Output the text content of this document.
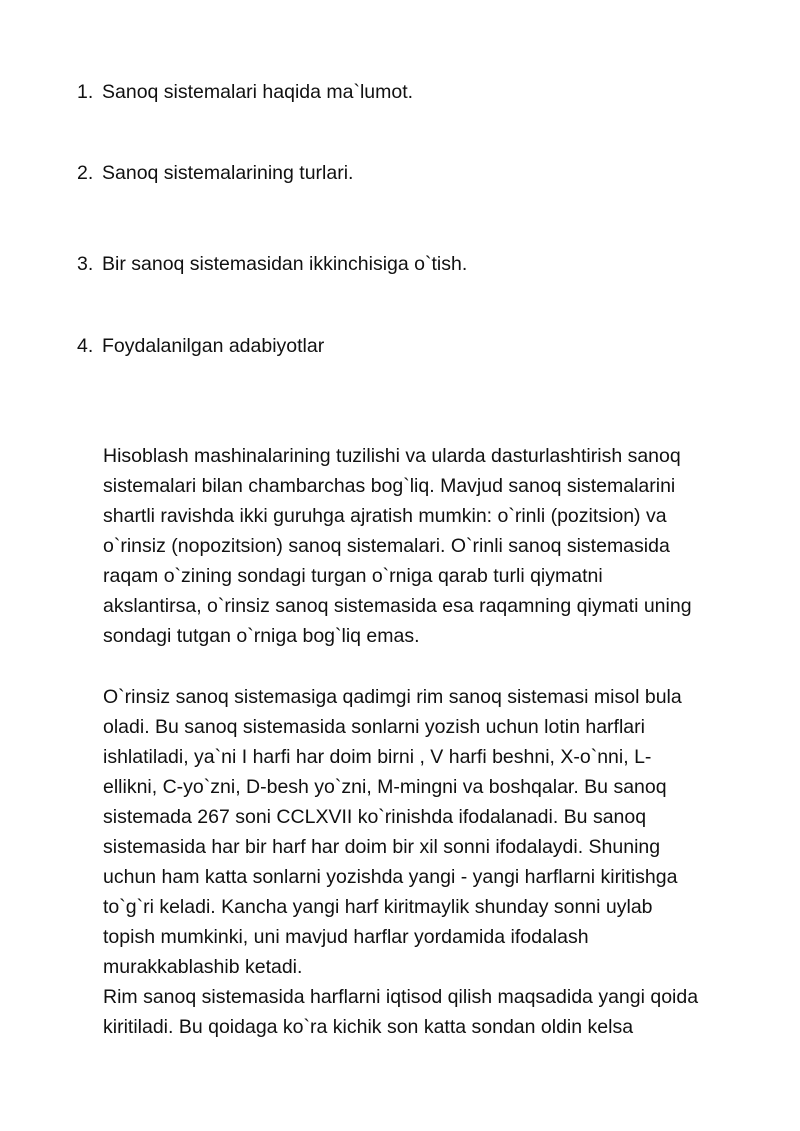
1. Sanoq sistemalari haqida ma`lumot.
2. Sanoq sistemalarining turlari.
3. Bir sanoq sistemasidan ikkinchisiga o`tish.
4. Foydalanilgan adabiyotlar
Hisoblash mashinalarining tuzilishi va ularda dasturlashtirish sanoq
sistemalari bilan chambarchas bog`liq. Mavjud sanoq sistemalarini
shartli ravishda ikki guruhga ajratish mumkin: o`rinli (pozitsion) va
o`rinsiz (nopozitsion) sanoq sistemalari. O`rinli sanoq sistemasida
raqam o`zining sondagi turgan o`rniga qarab turli qiymatni
akslantirsa, o`rinsiz sanoq sistemasida esa raqamning qiymati uning
sondagi tutgan o`rniga bog`liq emas.
O`rinsiz sanoq sistemasiga qadimgi rim sanoq sistemasi misol bula
oladi. Bu sanoq sistemasida sonlarni yozish uchun lotin harflari
ishlatiladi, ya`ni I harfi har doim birni , V harfi beshni, X-o`nni, L-
ellikni, C-yo`zni, D-besh yo`zni, M-mingni va boshqalar. Bu sanoq
sistemada 267 soni CCLXVII ko`rinishda ifodalanadi. Bu sanoq
sistemasida har bir harf har doim bir xil sonni ifodalaydi. Shuning
uchun ham katta sonlarni yozishda yangi - yangi harflarni kiritishga
to`g`ri keladi. Kancha yangi harf kiritmaylik shunday sonni uylab
topish mumkinki, uni mavjud harflar yordamida ifodalash
murakkablashib ketadi.
Rim sanoq sistemasida harflarni iqtisod qilish maqsadida yangi qoida
kiritiladi. Bu qoidaga ko`ra kichik son katta sondan oldin kelsa
